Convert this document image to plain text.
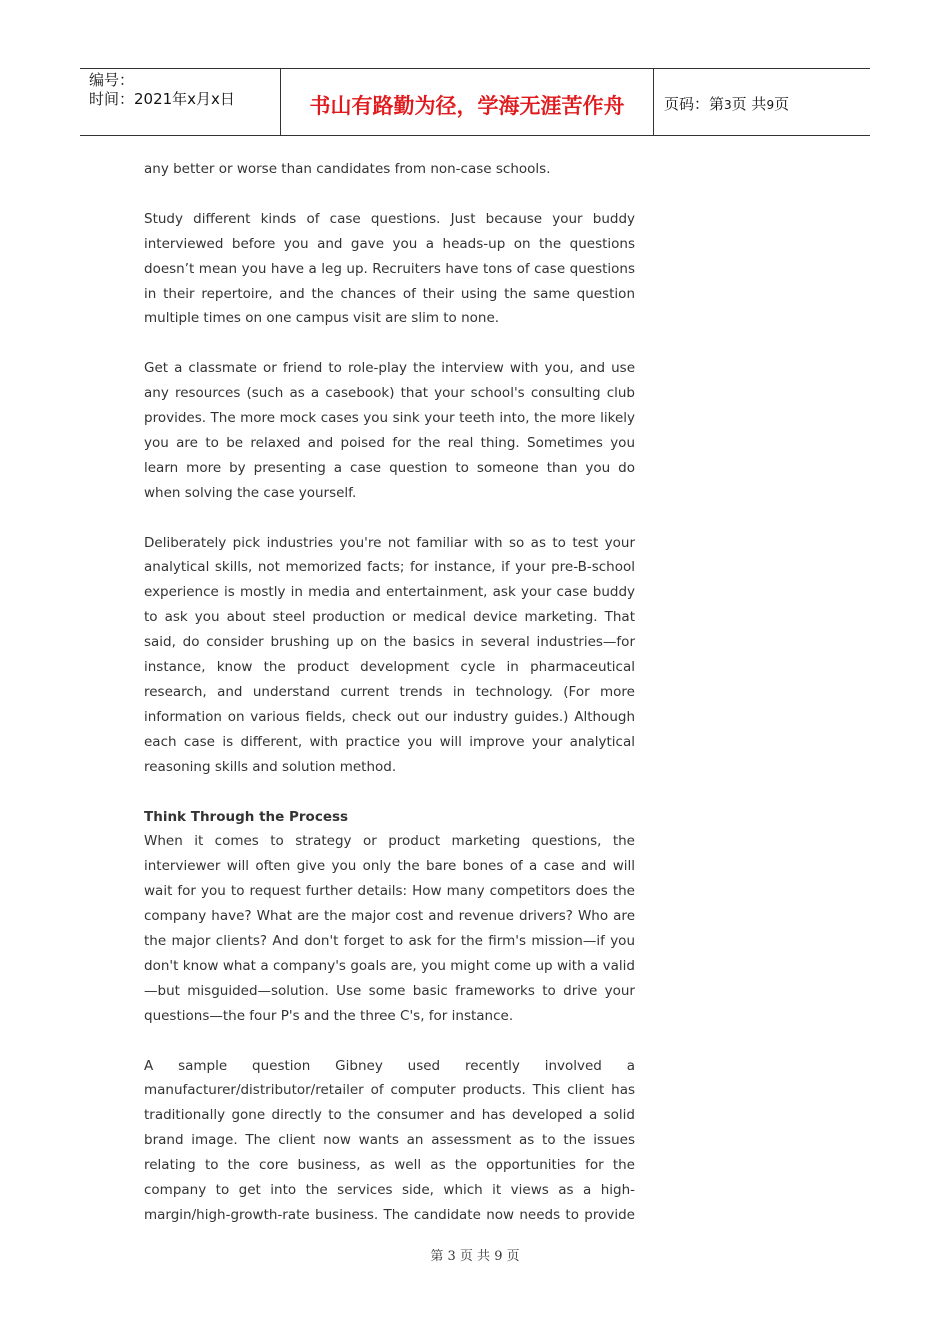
编号：
时间：2021年x月x日	书山有路勤为径，学海无涯苦作舟	页码：第3页 共9页

any better or worse than candidates from non-case schools.

Study different kinds of case questions. Just because your buddy interviewed before you and gave you a heads-up on the questions doesn’t mean you have a leg up. Recruiters have tons of case questions in their repertoire, and the chances of their using the same question multiple times on one campus visit are slim to none.

Get a classmate or friend to role-play the interview with you, and use any resources (such as a casebook) that your school's consulting club provides. The more mock cases you sink your teeth into, the more likely you are to be relaxed and poised for the real thing. Sometimes you learn more by presenting a case question to someone than you do when solving the case yourself.

Deliberately pick industries you're not familiar with so as to test your analytical skills, not memorized facts; for instance, if your pre-B-school experience is mostly in media and entertainment, ask your case buddy to ask you about steel production or medical device marketing. That said, do consider brushing up on the basics in several industries—for instance, know the product development cycle in pharmaceutical research, and understand current trends in technology. (For more information on various fields, check out our industry guides.) Although each case is different, with practice you will improve your analytical reasoning skills and solution method.

Think Through the Process

When it comes to strategy or product marketing questions, the interviewer will often give you only the bare bones of a case and will wait for you to request further details: How many competitors does the company have? What are the major cost and revenue drivers? Who are the major clients? And don't forget to ask for the firm's mission—if you don't know what a company's goals are, you might come up with a valid—but misguided—solution. Use some basic frameworks to drive your questions—the four P's and the three C's, for instance.

A sample question Gibney used recently involved a manufacturer/distributor/retailer of computer products. This client has traditionally gone directly to the consumer and has developed a solid brand image. The client now wants an assessment as to the issues relating to the core business, as well as the opportunities for the company to get into the services side, which it views as a high-margin/high-growth-rate business. The candidate now needs to provide

第 3 页 共 9 页
